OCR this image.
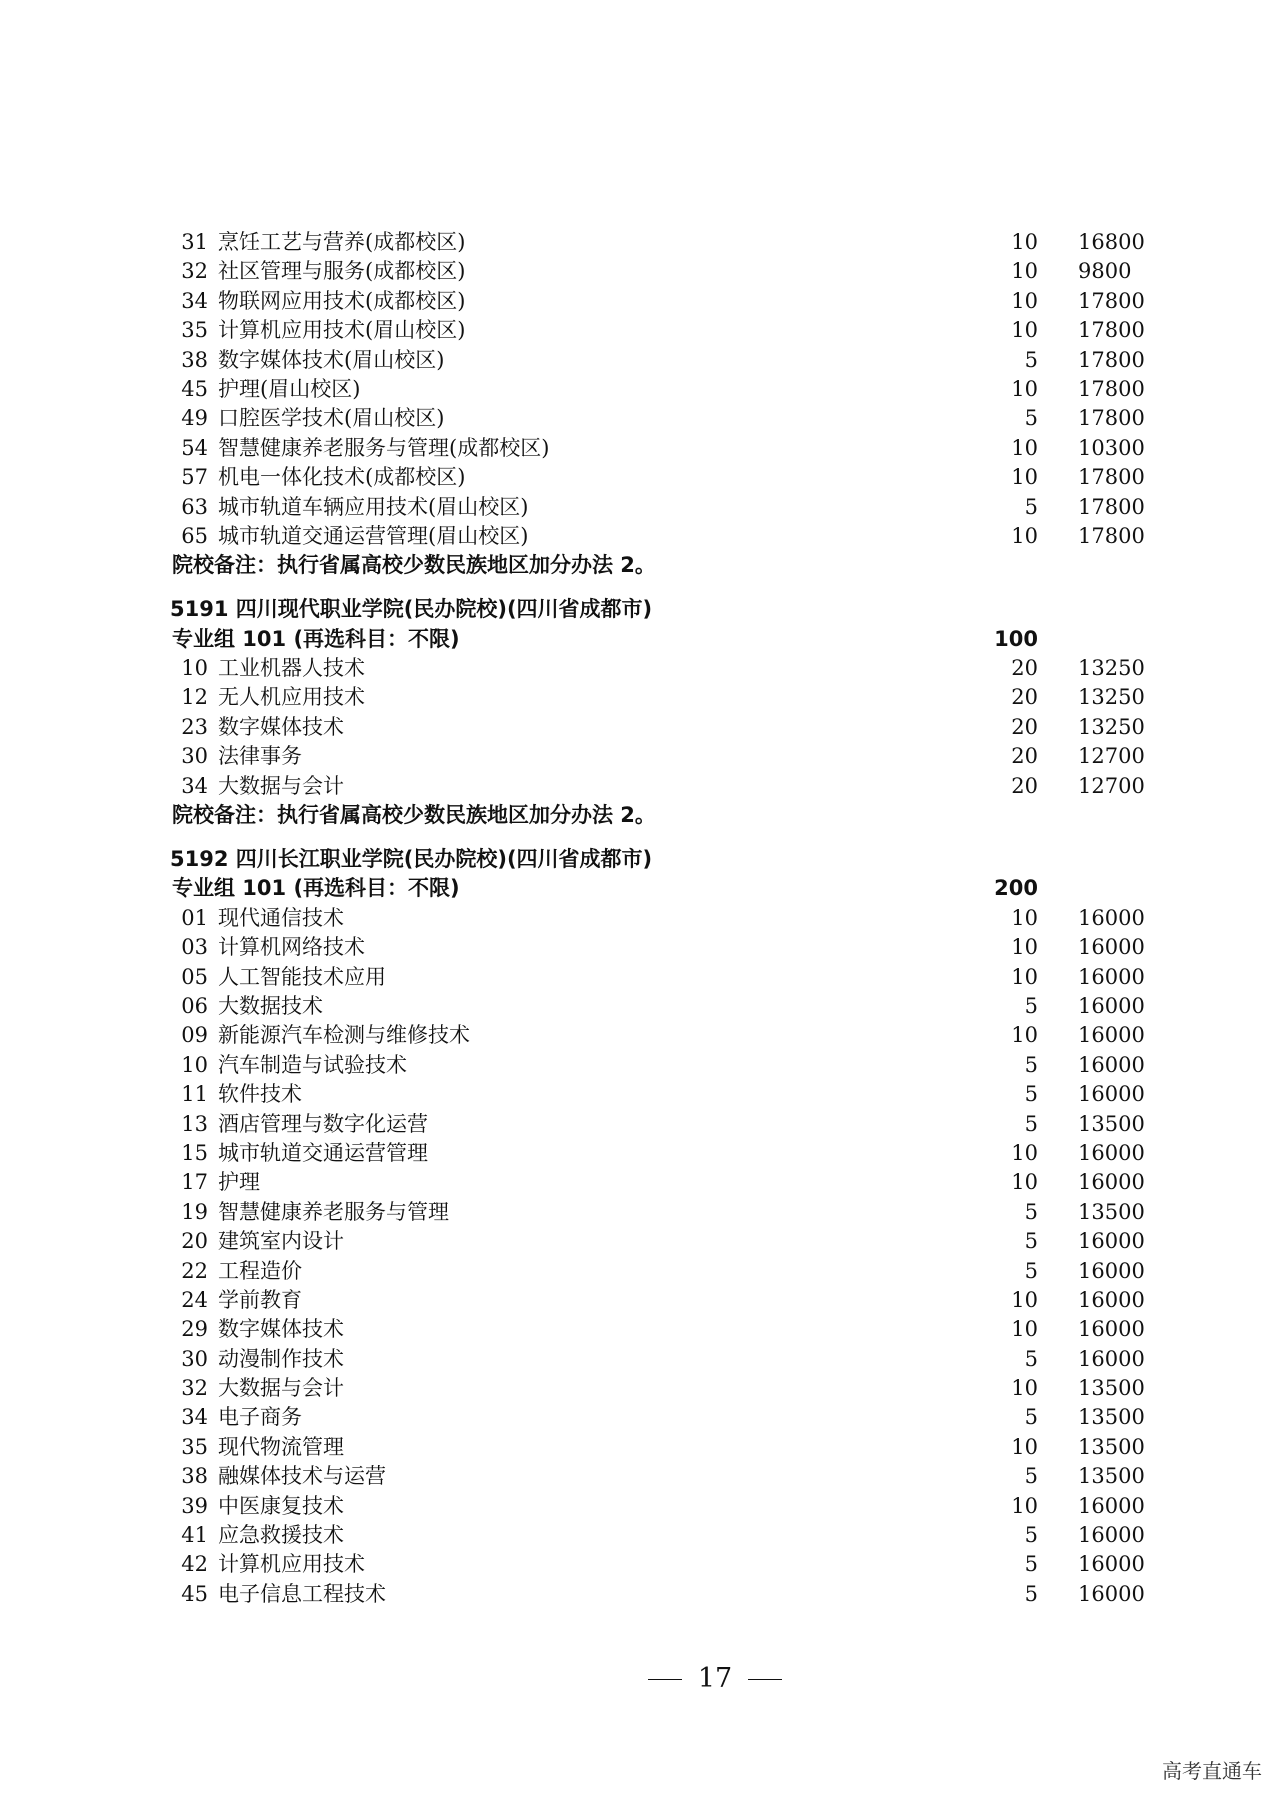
31 烹饪工艺与营养(成都校区)	10 16800
32 社区管理与服务(成都校区)	10 9800
34 物联网应用技术(成都校区)	10 17800
35 计算机应用技术(眉山校区)	10 17800
38 数字媒体技术(眉山校区)	5 17800
45 护理(眉山校区)	10 17800
49 口腔医学技术(眉山校区)	5 17800
54 智慧健康养老服务与管理(成都校区)	10 10300
57 机电一体化技术(成都校区)	10 17800
63 城市轨道车辆应用技术(眉山校区)	5 17800
65 城市轨道交通运营管理(眉山校区)	10 17800
院校备注：执行省属高校少数民族地区加分办法 2。
5191 四川现代职业学院(民办院校)(四川省成都市)
专业组 101 (再选科目：不限)	100
10 工业机器人技术	20 13250
12 无人机应用技术	20 13250
23 数字媒体技术	20 13250
30 法律事务	20 12700
34 大数据与会计	20 12700
院校备注：执行省属高校少数民族地区加分办法 2。
5192 四川长江职业学院(民办院校)(四川省成都市)
专业组 101 (再选科目：不限)	200
01 现代通信技术	10 16000
03 计算机网络技术	10 16000
05 人工智能技术应用	10 16000
06 大数据技术	5 16000
09 新能源汽车检测与维修技术	10 16000
10 汽车制造与试验技术	5 16000
11 软件技术	5 16000
13 酒店管理与数字化运营	5 13500
15 城市轨道交通运营管理	10 16000
17 护理	10 16000
19 智慧健康养老服务与管理	5 13500
20 建筑室内设计	5 16000
22 工程造价	5 16000
24 学前教育	10 16000
29 数字媒体技术	10 16000
30 动漫制作技术	5 16000
32 大数据与会计	10 13500
34 电子商务	5 13500
35 现代物流管理	10 13500
38 融媒体技术与运营	5 13500
39 中医康复技术	10 16000
41 应急救援技术	5 16000
42 计算机应用技术	5 16000
45 电子信息工程技术	5 16000
17
高考直通车
